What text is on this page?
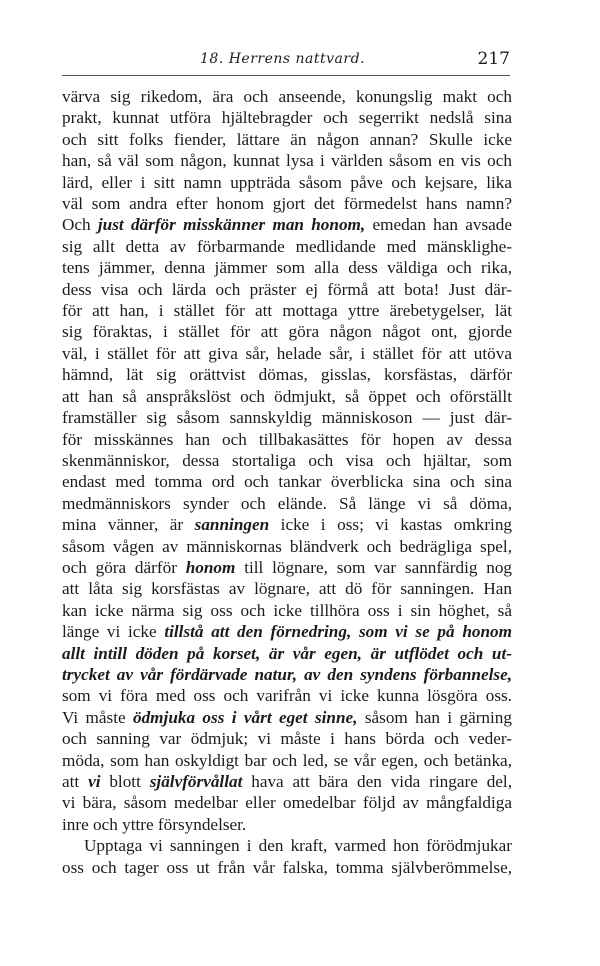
18. Herrens nattvard.	217
värva sig rikedom, ära och anseende, konungslig makt och
prakt, kunnat utföra hjältebragder och segerrikt nedslå sina
och sitt folks fiender, lättare än någon annan? Skulle icke
han, så väl som någon, kunnat lysa i världen såsom en vis och
lärd, eller i sitt namn uppträda såsom påve och kejsare, lika
väl som andra efter honom gjort det förmedelst hans namn?
Och just därför misskänner man honom, emedan han avsade
sig allt detta av förbarmande medlidande med mänsklighe-
tens jämmer, denna jämmer som alla dess väldiga och rika,
dess visa och lärda och präster ej förmå att bota! Just där-
för att han, i stället för att mottaga yttre ärebetygelser, lät
sig föraktas, i stället för att göra någon något ont, gjorde
väl, i stället för att giva sår, helade sår, i stället för att utöva
hämnd, lät sig orättvist dömas, gisslas, korsfästas, därför
att han så anspråkslöst och ödmjukt, så öppet och oförställt
framställer sig såsom sannskyldig människoson — just där-
för misskännes han och tillbakasättes för hopen av dessa
skenmänniskor, dessa stortaliga och visa och hjältar, som
endast med tomma ord och tankar överblicka sina och sina
medmänniskors synder och elände. Så länge vi så döma,
mina vänner, är sanningen icke i oss; vi kastas omkring
såsom vågen av människornas bländverk och bedrägliga spel,
och göra därför honom till lögnare, som var sannfärdig nog
att låta sig korsfästas av lögnare, att dö för sanningen. Han
kan icke närma sig oss och icke tillhöra oss i sin höghet, så
länge vi icke tillstå att den förnedring, som vi se på honom
allt intill döden på korset, är vår egen, är utflödet och ut-
trycket av vår fördärvade natur, av den syndens förbannelse,
som vi föra med oss och varifrån vi icke kunna lösgöra oss.
Vi måste ödmjuka oss i vårt eget sinne, såsom han i gärning
och sanning var ödmjuk; vi måste i hans börda och veder-
möda, som han oskyldigt bar och led, se vår egen, och betänka,
att vi blott självförvållat hava att bära den vida ringare del,
vi bära, såsom medelbar eller omedelbar följd av mångfaldiga
inre och yttre försyndelser.
Upptaga vi sanningen i den kraft, varmed hon förödmjukar
oss och tager oss ut från vår falska, tomma självberömmelse,
